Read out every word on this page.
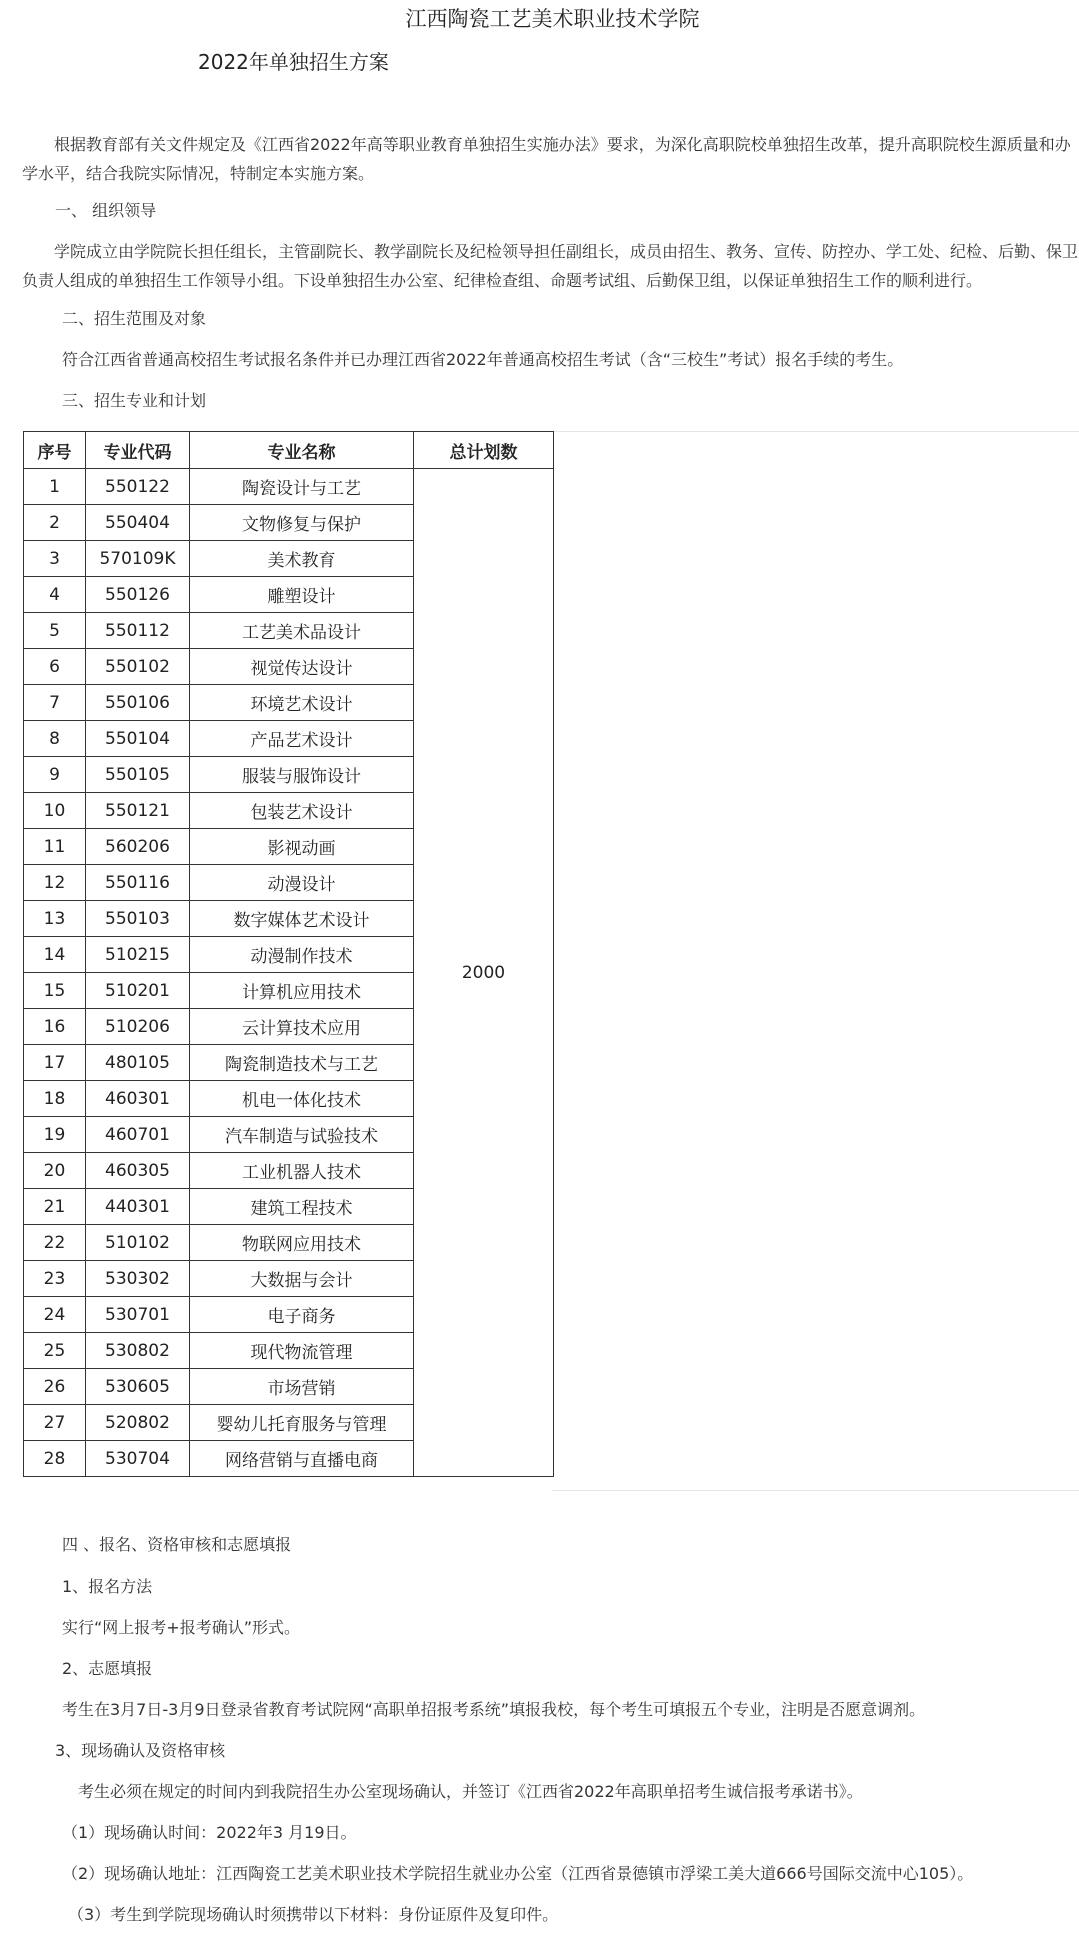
江西陶瓷工艺美术职业技术学院
2022年单独招生方案

根据教育部有关文件规定及《江西省2022年高等职业教育单独招生实施办法》要求，为深化高职院校单独招生改革，提升高职院校生源质量和办学水平，结合我院实际情况，特制定本实施方案。

一、 组织领导

学院成立由学院院长担任组长，主管副院长、教学副院长及纪检领导担任副组长，成员由招生、教务、宣传、防控办、学工处、纪检、后勤、保卫负责人组成的单独招生工作领导小组。下设单独招生办公室、纪律检查组、命题考试组、后勤保卫组，以保证单独招生工作的顺利进行。

二、招生范围及对象
符合江西省普通高校招生考试报名条件并已办理江西省2022年普通高校招生考试（含“三校生”考试）报名手续的考生。
三、招生专业和计划
序号	专业代码	专业名称	总计划数
1	550122	陶瓷设计与工艺	2000
2	550404	文物修复与保护	
3	570109K	美术教育	
4	550126	雕塑设计	
5	550112	工艺美术品设计	
6	550102	视觉传达设计	
7	550106	环境艺术设计	
8	550104	产品艺术设计	
9	550105	服装与服饰设计	
10	550121	包装艺术设计	
11	560206	影视动画	
12	550116	动漫设计	
13	550103	数字媒体艺术设计	
14	510215	动漫制作技术	
15	510201	计算机应用技术	
16	510206	云计算技术应用	
17	480105	陶瓷制造技术与工艺	
18	460301	机电一体化技术	
19	460701	汽车制造与试验技术	
20	460305	工业机器人技术	
21	440301	建筑工程技术	
22	510102	物联网应用技术	
23	530302	大数据与会计	
24	530701	电子商务	
25	530802	现代物流管理	
26	530605	市场营销	
27	520802	婴幼儿托育服务与管理	
28	530704	网络营销与直播电商	
四 、报名、资格审核和志愿填报
1、报名方法
实行“网上报考+报考确认”形式。
2、志愿填报
考生在3月7日-3月9日登录省教育考试院网“高职单招报考系统”填报我校，每个考生可填报五个专业，注明是否愿意调剂。
3、现场确认及资格审核
考生必须在规定的时间内到我院招生办公室现场确认，并签订《江西省2022年高职单招考生诚信报考承诺书》。
（1）现场确认时间：2022年3 月19日。
（2）现场确认地址：江西陶瓷工艺美术职业技术学院招生就业办公室（江西省景德镇市浮梁工美大道666号国际交流中心105）。
（3）考生到学院现场确认时须携带以下材料：身份证原件及复印件。
